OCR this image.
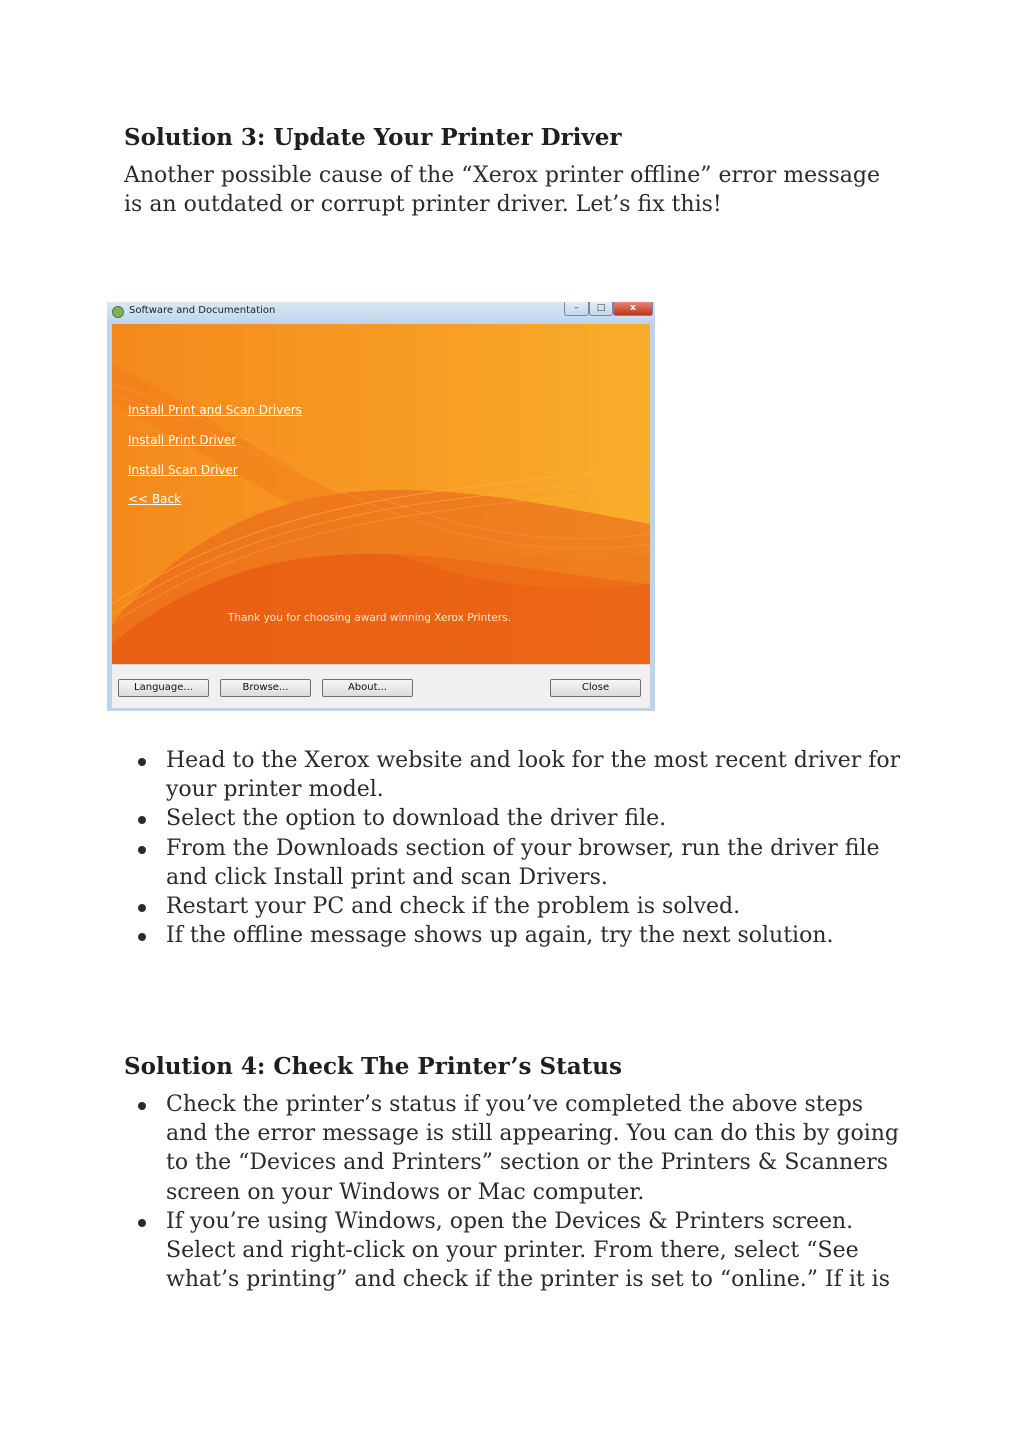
Solution 3: Update Your Printer Driver

Another possible cause of the “Xerox printer offline” error message
is an outdated or corrupt printer driver. Let’s fix this!

Software and Documentation	–	□	x
Install Print and Scan Drivers
Install Print Driver
Install Scan Driver
<< Back
Thank you for choosing award winning Xerox Printers.
Language...	Browse...	About...	Close
Head to the Xerox website and look for the most recent driver for
your printer model.
Select the option to download the driver file.
From the Downloads section of your browser, run the driver file
and click Install print and scan Drivers.
Restart your PC and check if the problem is solved.
If the offline message shows up again, try the next solution.
Solution 4: Check The Printer’s Status
Check the printer’s status if you’ve completed the above steps
and the error message is still appearing. You can do this by going
to the “Devices and Printers” section or the Printers & Scanners
screen on your Windows or Mac computer.
If you’re using Windows, open the Devices & Printers screen.
Select and right-click on your printer. From there, select “See
what’s printing” and check if the printer is set to “online.” If it is
